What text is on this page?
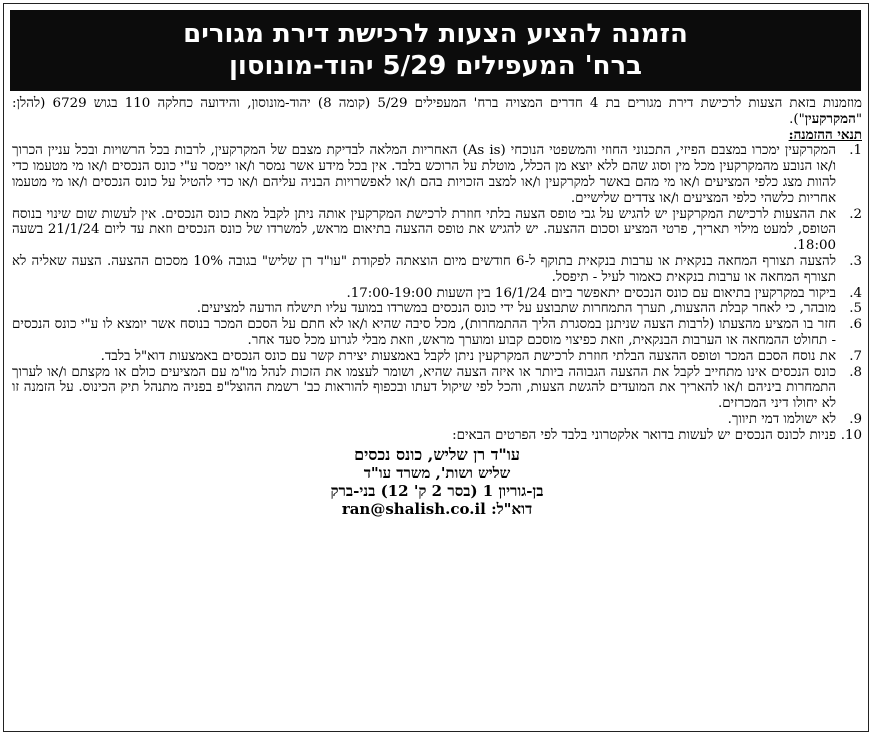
הזמנה להציע הצעות לרכישת דירת מגורים
ברח' המעפילים 5/29 יהוד-מונוסון

מוזמנות בזאת הצעות לרכישת דירת מגורים בת 4 חדרים המצויה ברח' המעפילים 5/29 (קומה 8) יהוד-מונוסון, והידועה כחלקה 110 בגוש 6729 (להלן: "המקרקעין").

תנאי ההזמנה:

1.
המקרקעין ימכרו במצבם הפיזי, התכנוני החוזי והמשפטי הנוכחי (As is) האחריות המלאה לבדיקת מצבם של המקרקעין, לרבות בכל הרשויות ובכל עניין הכרוך ו/או הנובע מהמקרקעין מכל מין וסוג שהם ללא יוצא מן הכלל, מוטלת על הרוכש בלבד. אין בכל מידע אשר נמסר ו/או יימסר ע"י כונס הנכסים ו/או מי מטעמו כדי להוות מצג כלפי המציעים ו/או מי מהם באשר למקרקעין ו/או למצב הזכויות בהם ו/או לאפשרויות הבניה עליהם ו/או כדי להטיל על כונס הנכסים ו/או מי מטעמו אחריות כלשהי כלפי המציעים ו/או צדדים שלישיים.
2.
את ההצעות לרכישת המקרקעין יש להגיש על גבי טופס הצעה בלתי חוזרת לרכישת המקרקעין אותה ניתן לקבל מאת כונס הנכסים. אין לעשות שום שינוי בנוסח הטופס, למעט מילוי תאריך, פרטי המציע וסכום ההצעה. יש להגיש את טופס ההצעה בתיאום מראש, למשרדו של כונס הנכסים וזאת עד ליום 21/1/24 בשעה 18:00.
3.
להצעה תצורף המחאה בנקאית או ערבות בנקאית בתוקף ל-6 חודשים מיום הוצאתה לפקודת "עו"ד רן שליש" בגובה 10% מסכום ההצעה. הצעה שאליה לא תצורף המחאה או ערבות בנקאית כאמור לעיל - תיפסל.
4.
ביקור במקרקעין בתיאום עם כונס הנכסים יתאפשר ביום 16/1/24 בין השעות 17:00-19:00.
5.
מובהר, כי לאחר קבלת ההצעות, תערך התמחרות שתבוצע על ידי כונס הנכסים במשרדו במועד עליו תישלח הודעה למציעים.
6.
חזר בו המציע מהצעתו (לרבות הצעה שניתנן במסגרת הליך ההתמחרות), מכל סיבה שהיא ו/או לא חתם על הסכם המכר בנוסח אשר יומצא לו ע"י כונס הנכסים - תחולט ההמחאה או הערבות הבנקאית, וזאת כפיצוי מוסכם קבוע ומוערך מראש, וזאת מבלי לגרוע מכל סעד אחר.
7.
את נוסח הסכם המכר וטופס ההצעה הבלתי חוזרת לרכישת המקרקעין ניתן לקבל באמצעות יצירת קשר עם כונס הנכסים באמצעות דוא"ל בלבד.
8.
כונס הנכסים אינו מתחייב לקבל את ההצעה הגבוהה ביותר או איזה הצעה שהיא, ושומר לעצמו את הזכות לנהל מו"מ עם המציעים כולם או מקצתם ו/או לערוך התמחרות ביניהם ו/או להאריך את המועדים להגשת הצעות, והכל לפי שיקול דעתו ובכפוף להוראות כב' רשמת ההוצל"פ בפניה מתנהל תיק הכינוס. על הזמנה זו לא יחולו דיני המכרזים.
9.
לא ישולמו דמי תיווך.
10.
פניות לכונס הנכסים יש לעשות בדואר אלקטרוני בלבד לפי הפרטים הבאים:
עו"ד רן שליש, כונס נכסים
שליש ושות', משרד עו"ד
בן-גוריון 1 (בסר 2 ק' 12) בני-ברק
דוא"ל: ran@shalish.co.il
